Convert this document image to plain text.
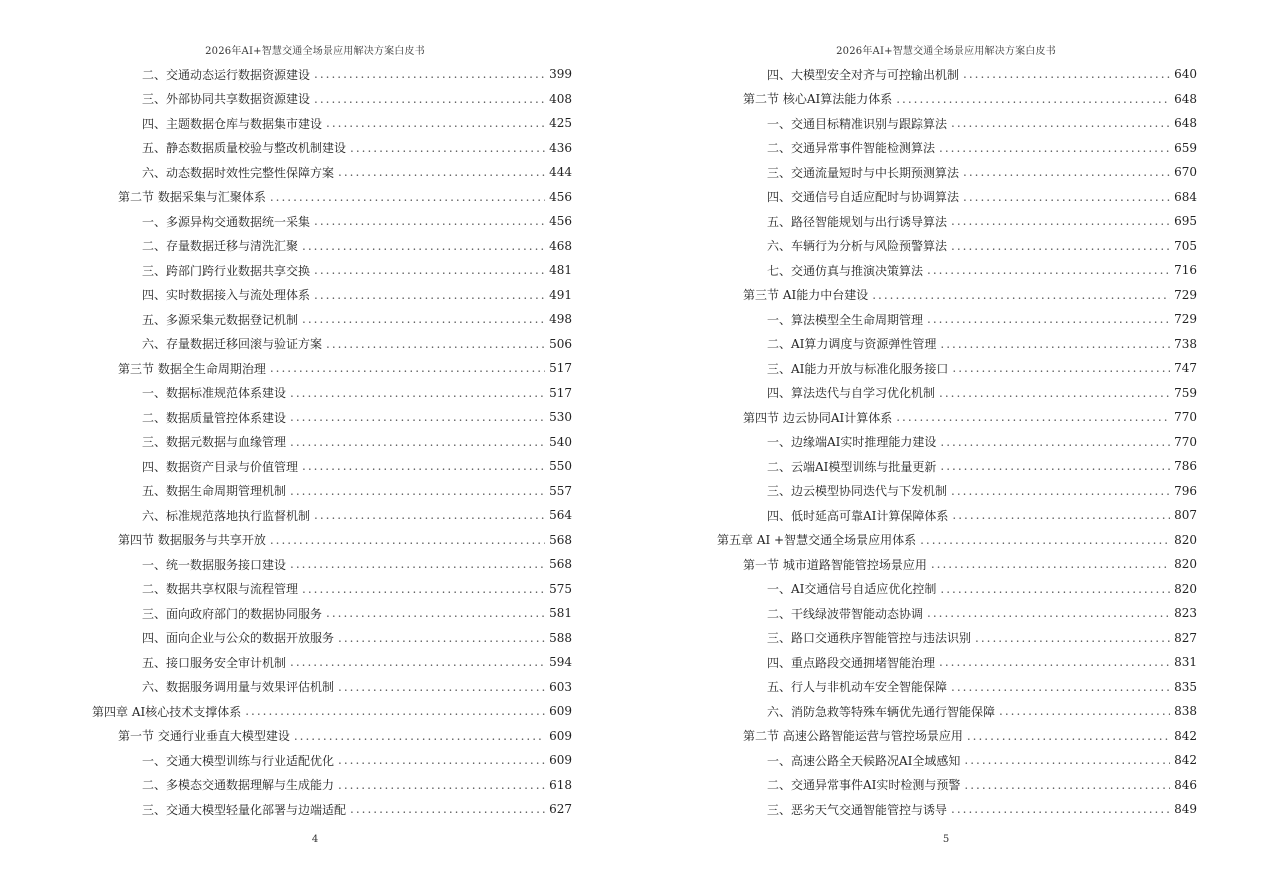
2026年AI+智慧交通全场景应用解决方案白皮书
二、交通动态运行数据资源建设 .....	399
三、外部协同共享数据资源建设 .....	408
四、主题数据仓库与数据集市建设 .....	425
五、静态数据质量校验与整改机制建设 .....	436
六、动态数据时效性完整性保障方案 .....	444
第二节 数据采集与汇聚体系 .....	456
一、多源异构交通数据统一采集 .....	456
二、存量数据迁移与清洗汇聚 .....	468
三、跨部门跨行业数据共享交换 .....	481
四、实时数据接入与流处理体系 .....	491
五、多源采集元数据登记机制 .....	498
六、存量数据迁移回滚与验证方案 .....	506
第三节 数据全生命周期治理 .....	517
一、数据标准规范体系建设 .....	517
二、数据质量管控体系建设 .....	530
三、数据元数据与血缘管理 .....	540
四、数据资产目录与价值管理 .....	550
五、数据生命周期管理机制 .....	557
六、标准规范落地执行监督机制 .....	564
第四节 数据服务与共享开放 .....	568
一、统一数据服务接口建设 .....	568
二、数据共享权限与流程管理 .....	575
三、面向政府部门的数据协同服务 .....	581
四、面向企业与公众的数据开放服务 .....	588
五、接口服务安全审计机制 .....	594
六、数据服务调用量与效果评估机制 .....	603
第四章 AI核心技术支撑体系 .....	609
第一节 交通行业垂直大模型建设 .....	609
一、交通大模型训练与行业适配优化 .....	609
二、多模态交通数据理解与生成能力 .....	618
三、交通大模型轻量化部署与边端适配 .....	627
4
2026年AI+智慧交通全场景应用解决方案白皮书
四、大模型安全对齐与可控输出机制 .....	640
第二节 核心AI算法能力体系 .....	648
一、交通目标精准识别与跟踪算法 .....	648
二、交通异常事件智能检测算法 .....	659
三、交通流量短时与中长期预测算法 .....	670
四、交通信号自适应配时与协调算法 .....	684
五、路径智能规划与出行诱导算法 .....	695
六、车辆行为分析与风险预警算法 .....	705
七、交通仿真与推演决策算法 .....	716
第三节 AI能力中台建设 .....	729
一、算法模型全生命周期管理 .....	729
二、AI算力调度与资源弹性管理 .....	738
三、AI能力开放与标准化服务接口 .....	747
四、算法迭代与自学习优化机制 .....	759
第四节 边云协同AI计算体系 .....	770
一、边缘端AI实时推理能力建设 .....	770
二、云端AI模型训练与批量更新 .....	786
三、边云模型协同迭代与下发机制 .....	796
四、低时延高可靠AI计算保障体系 .....	807
第五章 AI +智慧交通全场景应用体系 .....	820
第一节 城市道路智能管控场景应用 .....	820
一、AI交通信号自适应优化控制 .....	820
二、干线绿波带智能动态协调 .....	823
三、路口交通秩序智能管控与违法识别 .....	827
四、重点路段交通拥堵智能治理 .....	831
五、行人与非机动车安全智能保障 .....	835
六、消防急救等特殊车辆优先通行智能保障 .....	838
第二节 高速公路智能运营与管控场景应用 .....	842
一、高速公路全天候路况AI全域感知 .....	842
二、交通异常事件AI实时检测与预警 .....	846
三、恶劣天气交通智能管控与诱导 .....	849
5
